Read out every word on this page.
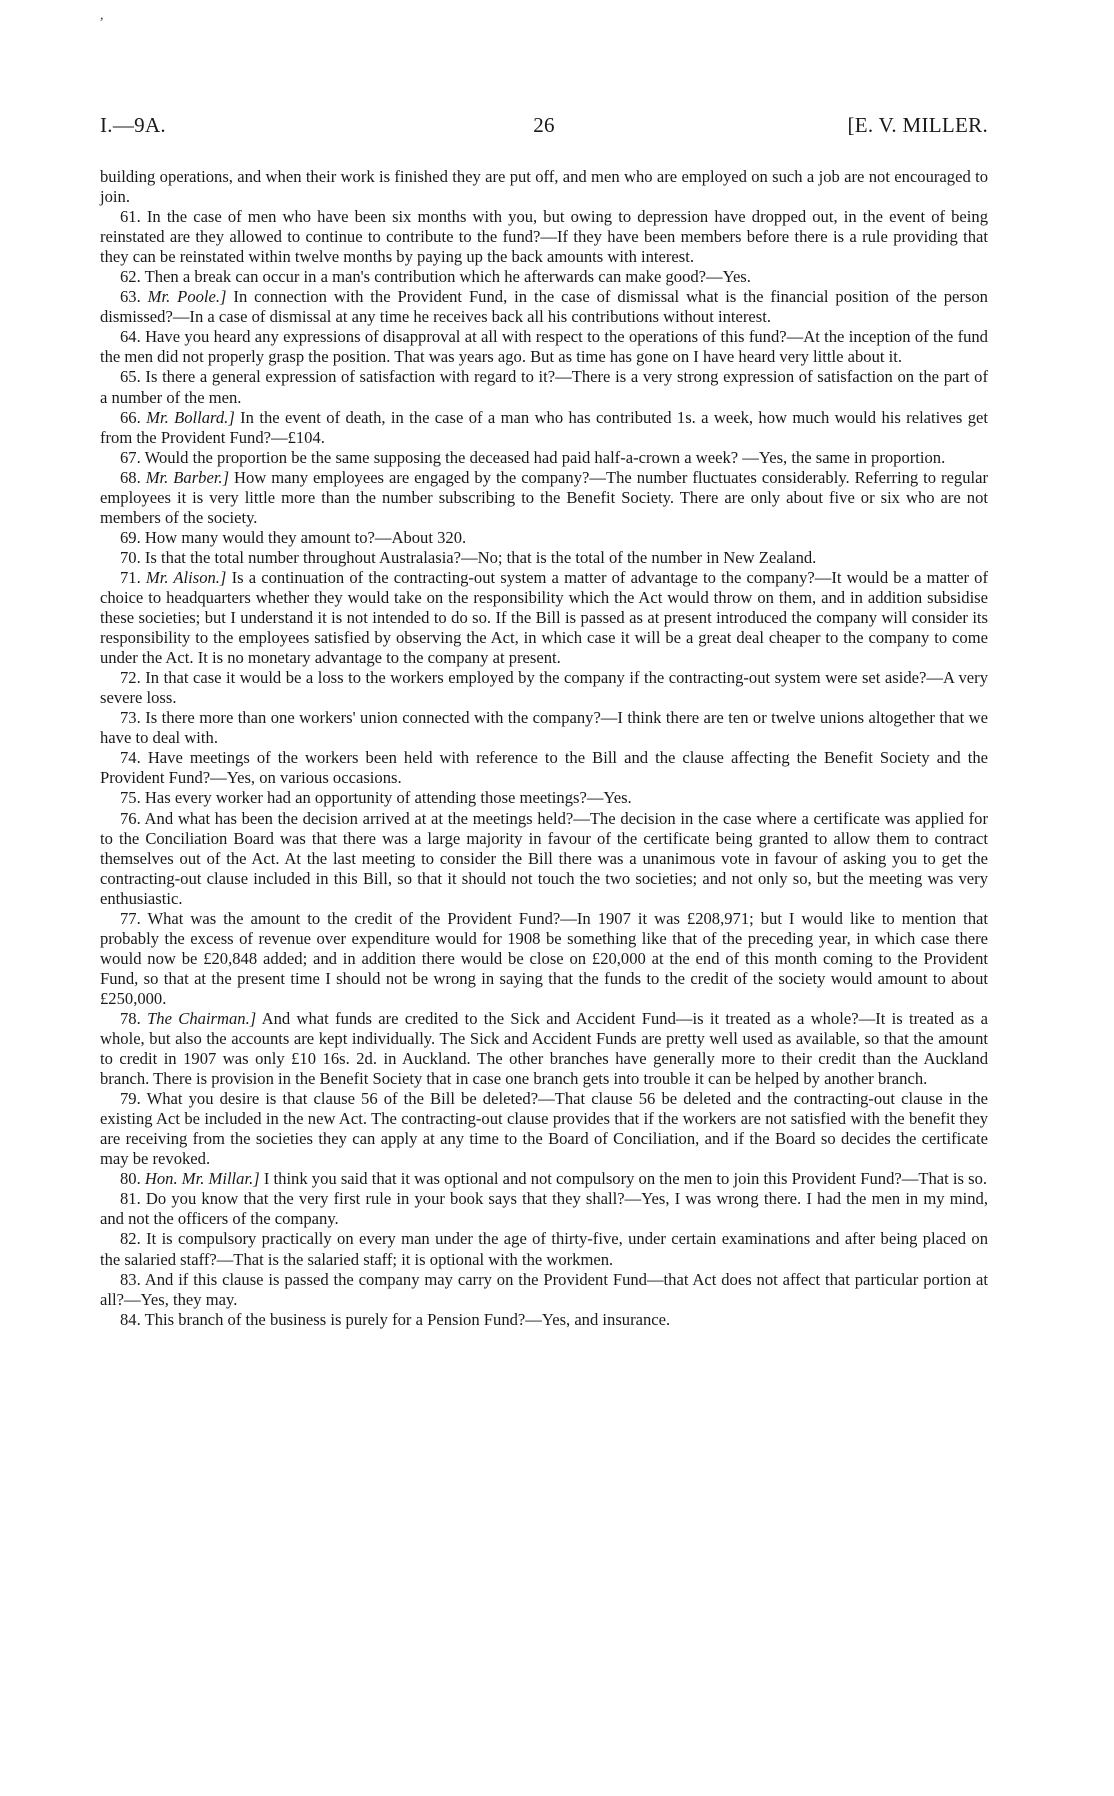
,
I.—9A.	26	[E. V. MILLER.

building operations, and when their work is finished they are put off, and men who are employed on such a job are not encouraged to join.

61. In the case of men who have been six months with you, but owing to depression have dropped out, in the event of being reinstated are they allowed to continue to contribute to the fund?—If they have been members before there is a rule providing that they can be reinstated within twelve months by paying up the back amounts with interest.

62. Then a break can occur in a man's contribution which he afterwards can make good?—Yes.

63. Mr. Poole.] In connection with the Provident Fund, in the case of dismissal what is the financial position of the person dismissed?—In a case of dismissal at any time he receives back all his contributions without interest.

64. Have you heard any expressions of disapproval at all with respect to the operations of this fund?—At the inception of the fund the men did not properly grasp the position. That was years ago. But as time has gone on I have heard very little about it.

65. Is there a general expression of satisfaction with regard to it?—There is a very strong expression of satisfaction on the part of a number of the men.

66. Mr. Bollard.] In the event of death, in the case of a man who has contributed 1s. a week, how much would his relatives get from the Provident Fund?—£104.

67. Would the proportion be the same supposing the deceased had paid half-a-crown a week? —Yes, the same in proportion.

68. Mr. Barber.] How many employees are engaged by the company?—The number fluctuates considerably. Referring to regular employees it is very little more than the number subscribing to the Benefit Society. There are only about five or six who are not members of the society.

69. How many would they amount to?—About 320.

70. Is that the total number throughout Australasia?—No; that is the total of the number in New Zealand.

71. Mr. Alison.] Is a continuation of the contracting-out system a matter of advantage to the company?—It would be a matter of choice to headquarters whether they would take on the responsibility which the Act would throw on them, and in addition subsidise these societies; but I understand it is not intended to do so. If the Bill is passed as at present introduced the company will consider its responsibility to the employees satisfied by observing the Act, in which case it will be a great deal cheaper to the company to come under the Act. It is no monetary advantage to the company at present.

72. In that case it would be a loss to the workers employed by the company if the contracting-out system were set aside?—A very severe loss.

73. Is there more than one workers' union connected with the company?—I think there are ten or twelve unions altogether that we have to deal with.

74. Have meetings of the workers been held with reference to the Bill and the clause affecting the Benefit Society and the Provident Fund?—Yes, on various occasions.

75. Has every worker had an opportunity of attending those meetings?—Yes.

76. And what has been the decision arrived at at the meetings held?—The decision in the case where a certificate was applied for to the Conciliation Board was that there was a large majority in favour of the certificate being granted to allow them to contract themselves out of the Act. At the last meeting to consider the Bill there was a unanimous vote in favour of asking you to get the contracting-out clause included in this Bill, so that it should not touch the two societies; and not only so, but the meeting was very enthusiastic.

77. What was the amount to the credit of the Provident Fund?—In 1907 it was £208,971; but I would like to mention that probably the excess of revenue over expenditure would for 1908 be something like that of the preceding year, in which case there would now be £20,848 added; and in addition there would be close on £20,000 at the end of this month coming to the Provident Fund, so that at the present time I should not be wrong in saying that the funds to the credit of the society would amount to about £250,000.

78. The Chairman.] And what funds are credited to the Sick and Accident Fund—is it treated as a whole?—It is treated as a whole, but also the accounts are kept individually. The Sick and Accident Funds are pretty well used as available, so that the amount to credit in 1907 was only £10 16s. 2d. in Auckland. The other branches have generally more to their credit than the Auckland branch. There is provision in the Benefit Society that in case one branch gets into trouble it can be helped by another branch.

79. What you desire is that clause 56 of the Bill be deleted?—That clause 56 be deleted and the contracting-out clause in the existing Act be included in the new Act. The contracting-out clause provides that if the workers are not satisfied with the benefit they are receiving from the societies they can apply at any time to the Board of Conciliation, and if the Board so decides the certificate may be revoked.

80. Hon. Mr. Millar.] I think you said that it was optional and not compulsory on the men to join this Provident Fund?—That is so.

81. Do you know that the very first rule in your book says that they shall?—Yes, I was wrong there. I had the men in my mind, and not the officers of the company.

82. It is compulsory practically on every man under the age of thirty-five, under certain examinations and after being placed on the salaried staff?—That is the salaried staff; it is optional with the workmen.

83. And if this clause is passed the company may carry on the Provident Fund—that Act does not affect that particular portion at all?—Yes, they may.

84. This branch of the business is purely for a Pension Fund?—Yes, and insurance.
